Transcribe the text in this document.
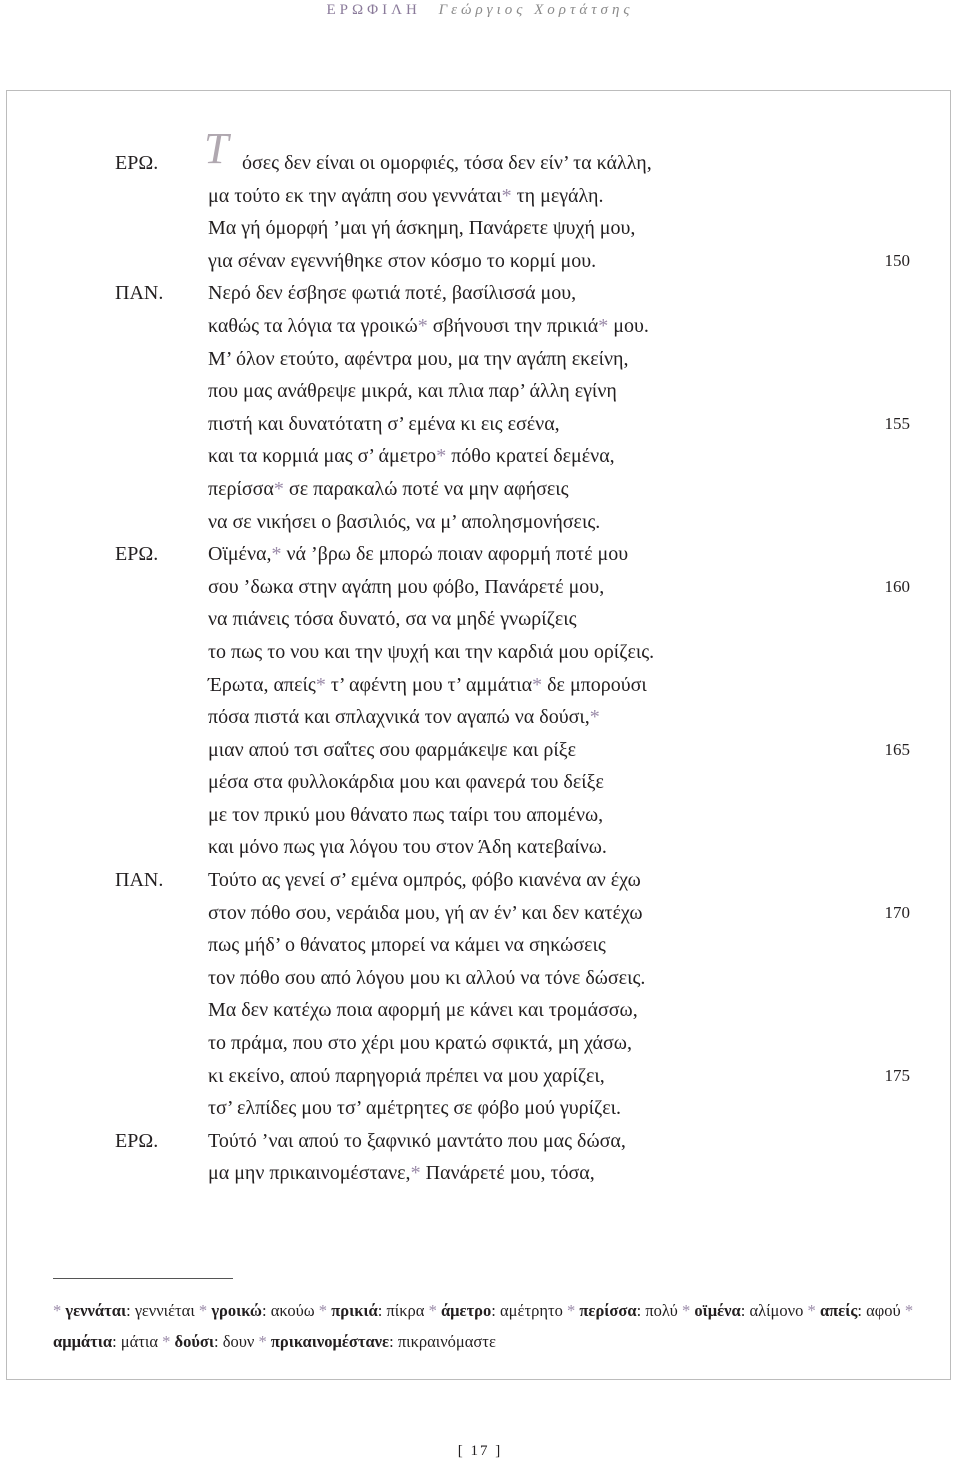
ΕΡΩΦΙΛΗ Γεώργιος Χορτάτσης
ΕΡΩ. Τ όσες δεν είναι οι ομορφιές, τόσα δεν είν’ τα κάλλη,
μα τούτο εκ την αγάπη σου γεννάται* τη μεγάλη.
Μα γή όμορφή ’μαι γή άσκημη, Πανάρετε ψυχή μου,
για σέναν εγεννήθηκε στον κόσμο το κορμί μου.	150
ΠΑΝ. Νερό δεν έσβησε φωτιά ποτέ, βασίλισσά μου,
καθώς τα λόγια τα γροικώ* σβήνουσι την πρικιά* μου.
Μ’ όλον ετούτο, αφέντρα μου, μα την αγάπη εκείνη,
που μας ανάθρεψε μικρά, και πλια παρ’ άλλη εγίνη
πιστή και δυνατότατη σ’ εμένα κι εις εσένα,	155
και τα κορμιά μας σ’ άμετρο* πόθο κρατεί δεμένα,
περίσσα* σε παρακαλώ ποτέ να μην αφήσεις
να σε νικήσει ο βασιλιός, να μ’ απολησμονήσεις.
ΕΡΩ. Οϊμένα,* νά ’βρω δε μπορώ ποιαν αφορμή ποτέ μου
σου ’δωκα στην αγάπη μου φόβο, Πανάρετέ μου,	160
να πιάνεις τόσα δυνατό, σα να μηδέ γνωρίζεις
το πως το νου και την ψυχή και την καρδιά μου ορίζεις.
Έρωτα, απείς* τ’ αφέντη μου τ’ αμμάτια* δε μπορούσι
πόσα πιστά και σπλαχνικά τον αγαπώ να δούσι,*
μιαν απού τσι σαΐτες σου φαρμάκεψε και ρίξε	165
μέσα στα φυλλοκάρδια μου και φανερά του δείξε
με τον πρικύ μου θάνατο πως ταίρι του απομένω,
και μόνο πως για λόγου του στον Άδη κατεβαίνω.
ΠΑΝ. Τούτο ας γενεί σ’ εμένα ομπρός, φόβο κιανένα αν έχω
στον πόθο σου, νεράιδα μου, γή αν έν’ και δεν κατέχω	170
πως μήδ’ ο θάνατος μπορεί να κάμει να σηκώσεις
τον πόθο σου από λόγου μου κι αλλού να τόνε δώσεις.
Μα δεν κατέχω ποια αφορμή με κάνει και τρομάσσω,
το πράμα, που στο χέρι μου κρατώ σφικτά, μη χάσω,
κι εκείνο, απού παρηγοριά πρέπει να μου χαρίζει,	175
τσ’ ελπίδες μου τσ’ αμέτρητες σε φόβο μού γυρίζει.
ΕΡΩ. Τούτό ’ναι απού το ξαφνικό μαντάτο που μας δώσα,
μα μην πρικαινομέστανε,* Πανάρετέ μου, τόσα,
* γεννάται: γεννιέται * γροικώ: ακούω * πρικιά: πίκρα * άμετρο: αμέτρητο * περίσσα: πολύ * οϊμένα: αλίμονο * απείς: αφού * αμμάτια: μάτια * δούσι: δουν * πρικαινομέστανε: πικραινόμαστε
[ 17 ]
